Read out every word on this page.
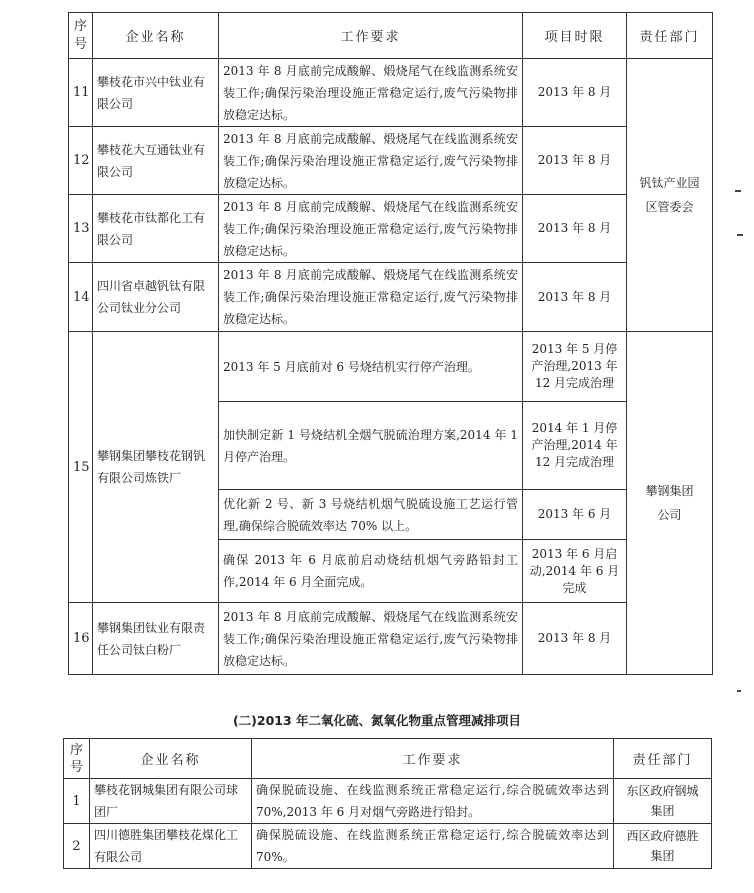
序号	企业名称	工作要求	项目时限	责任部门
11	攀枝花市兴中钛业有限公司	2013 年 8 月底前完成酸解、煅烧尾气在线监测系统安装工作;确保污染治理设施正常稳定运行,废气污染物排放稳定达标。	2013 年 8 月	钒钛产业园区管委会
12	攀枝花大互通钛业有限公司	2013 年 8 月底前完成酸解、煅烧尾气在线监测系统安装工作;确保污染治理设施正常稳定运行,废气污染物排放稳定达标。	2013 年 8 月	
13	攀枝花市钛都化工有限公司	2013 年 8 月底前完成酸解、煅烧尾气在线监测系统安装工作;确保污染治理设施正常稳定运行,废气污染物排放稳定达标。	2013 年 8 月	
14	四川省卓越钒钛有限公司钛业分公司	2013 年 8 月底前完成酸解、煅烧尾气在线监测系统安装工作;确保污染治理设施正常稳定运行,废气污染物排放稳定达标。	2013 年 8 月	
15	攀钢集团攀枝花钢钒有限公司炼铁厂	2013 年 5 月底前对 6 号烧结机实行停产治理。	2013 年 5 月停产治理,2013 年 12 月完成治理	攀钢集团公司
		加快制定新 1 号烧结机全烟气脱硫治理方案,2014 年 1 月停产治理。	2014 年 1 月停产治理,2014 年 12 月完成治理	
		优化新 2 号、新 3 号烧结机烟气脱硫设施工艺运行管理,确保综合脱硫效率达 70% 以上。	2013 年 6 月	
		确保 2013 年 6 月底前启动烧结机烟气旁路铅封工作,2014 年 6 月全面完成。	2013 年 6 月启动,2014 年 6 月完成	
16	攀钢集团钛业有限责任公司钛白粉厂	2013 年 8 月底前完成酸解、煅烧尾气在线监测系统安装工作;确保污染治理设施正常稳定运行,废气污染物排放稳定达标。	2013 年 8 月	
(二)2013 年二氧化硫、氮氧化物重点管理减排项目
序号	企业名称	工作要求	责任部门
1	攀枝花钢城集团有限公司球团厂	确保脱硫设施、在线监测系统正常稳定运行,综合脱硫效率达到70%,2013 年 6 月对烟气旁路进行铅封。	东区政府钢城集团
2	四川德胜集团攀枝花煤化工有限公司	确保脱硫设施、在线监测系统正常稳定运行,综合脱硫效率达到70%。	西区政府德胜集团
